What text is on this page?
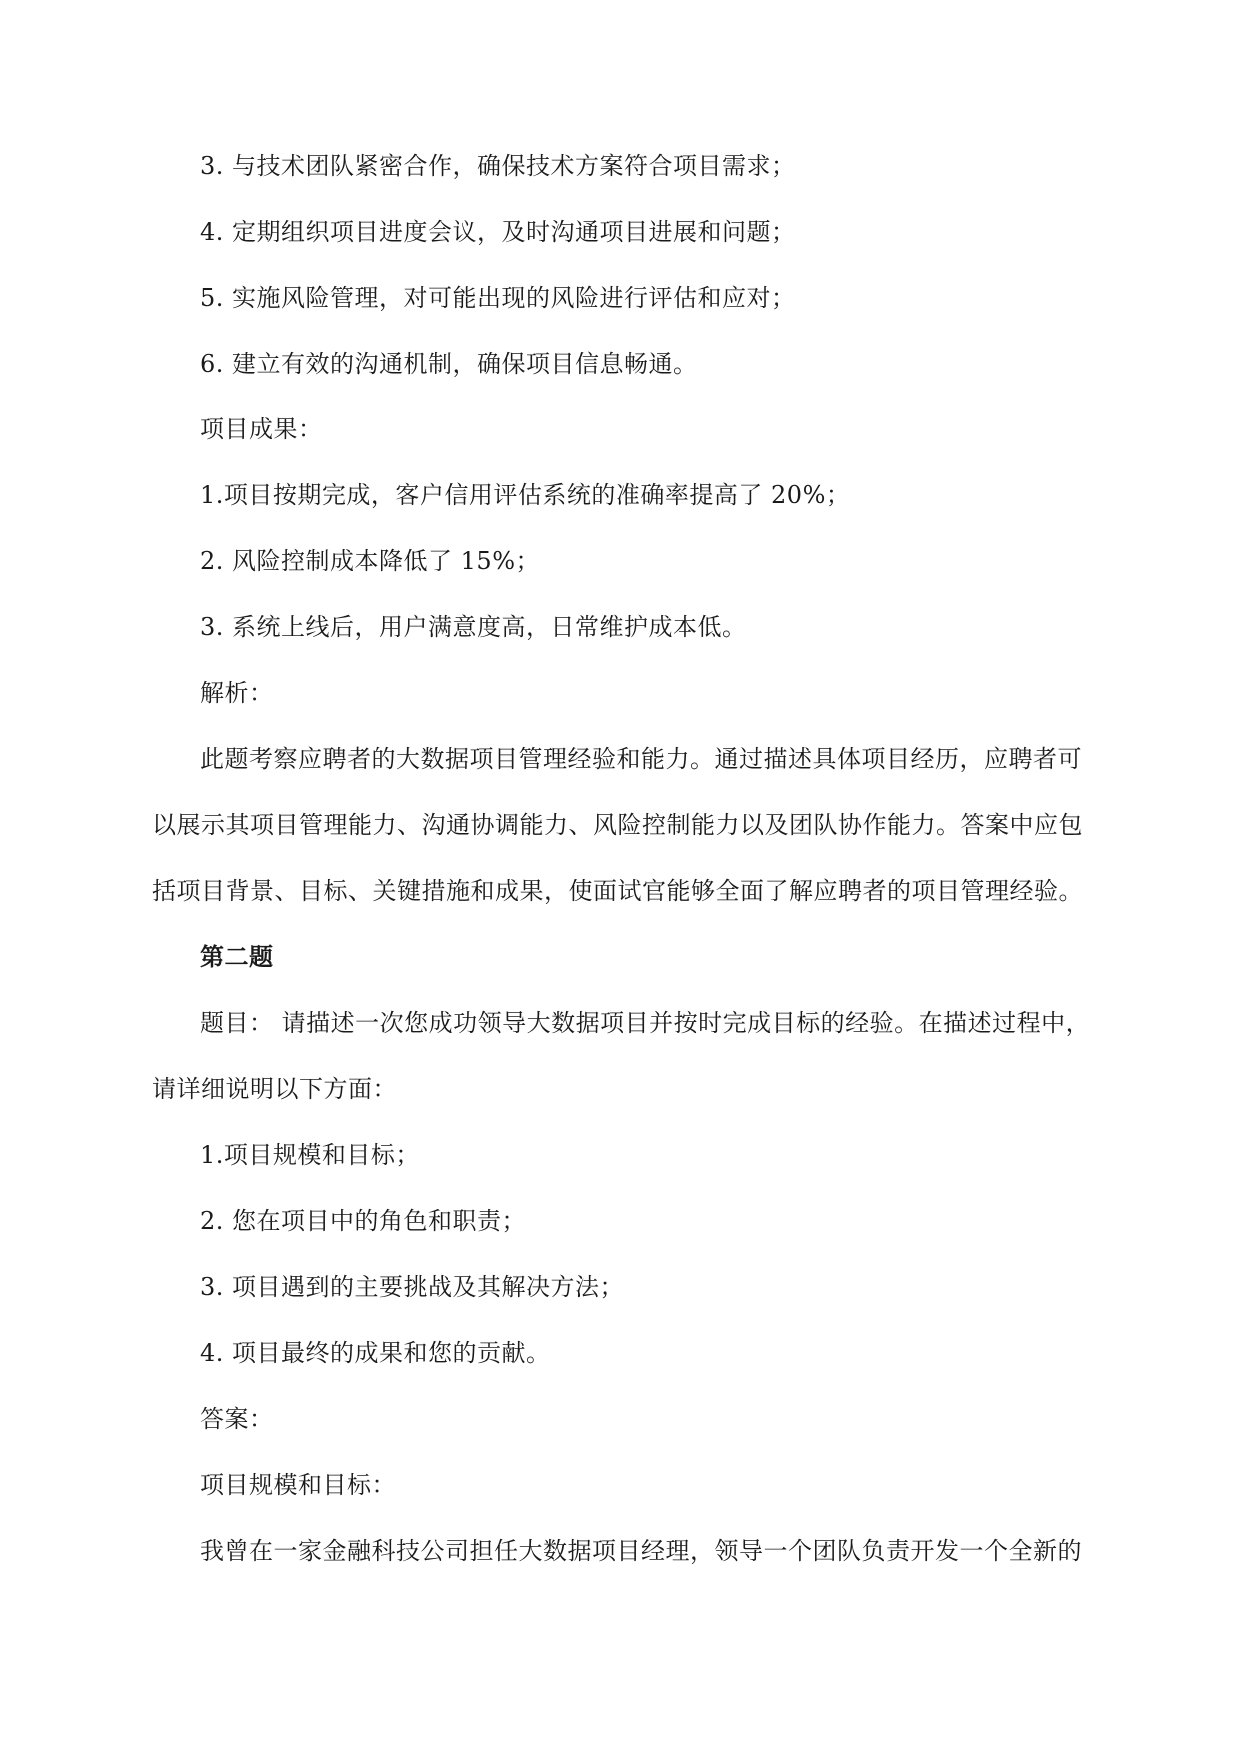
3. 与技术团队紧密合作，确保技术方案符合项目需求；
4. 定期组织项目进度会议，及时沟通项目进展和问题；
5. 实施风险管理，对可能出现的风险进行评估和应对；
6. 建立有效的沟通机制，确保项目信息畅通。
项目成果：
1.项目按期完成，客户信用评估系统的准确率提高了 20%；
2. 风险控制成本降低了 15%；
3. 系统上线后，用户满意度高，日常维护成本低。
解析：
此题考察应聘者的大数据项目管理经验和能力。通过描述具体项目经历，应聘者可
以展示其项目管理能力、沟通协调能力、风险控制能力以及团队协作能力。答案中应包
括项目背景、目标、关键措施和成果，使面试官能够全面了解应聘者的项目管理经验。
第二题
题目： 请描述一次您成功领导大数据项目并按时完成目标的经验。在描述过程中，
请详细说明以下方面：
1.项目规模和目标；
2. 您在项目中的角色和职责；
3. 项目遇到的主要挑战及其解决方法；
4. 项目最终的成果和您的贡献。
答案：
项目规模和目标：
我曾在一家金融科技公司担任大数据项目经理，领导一个团队负责开发一个全新的
